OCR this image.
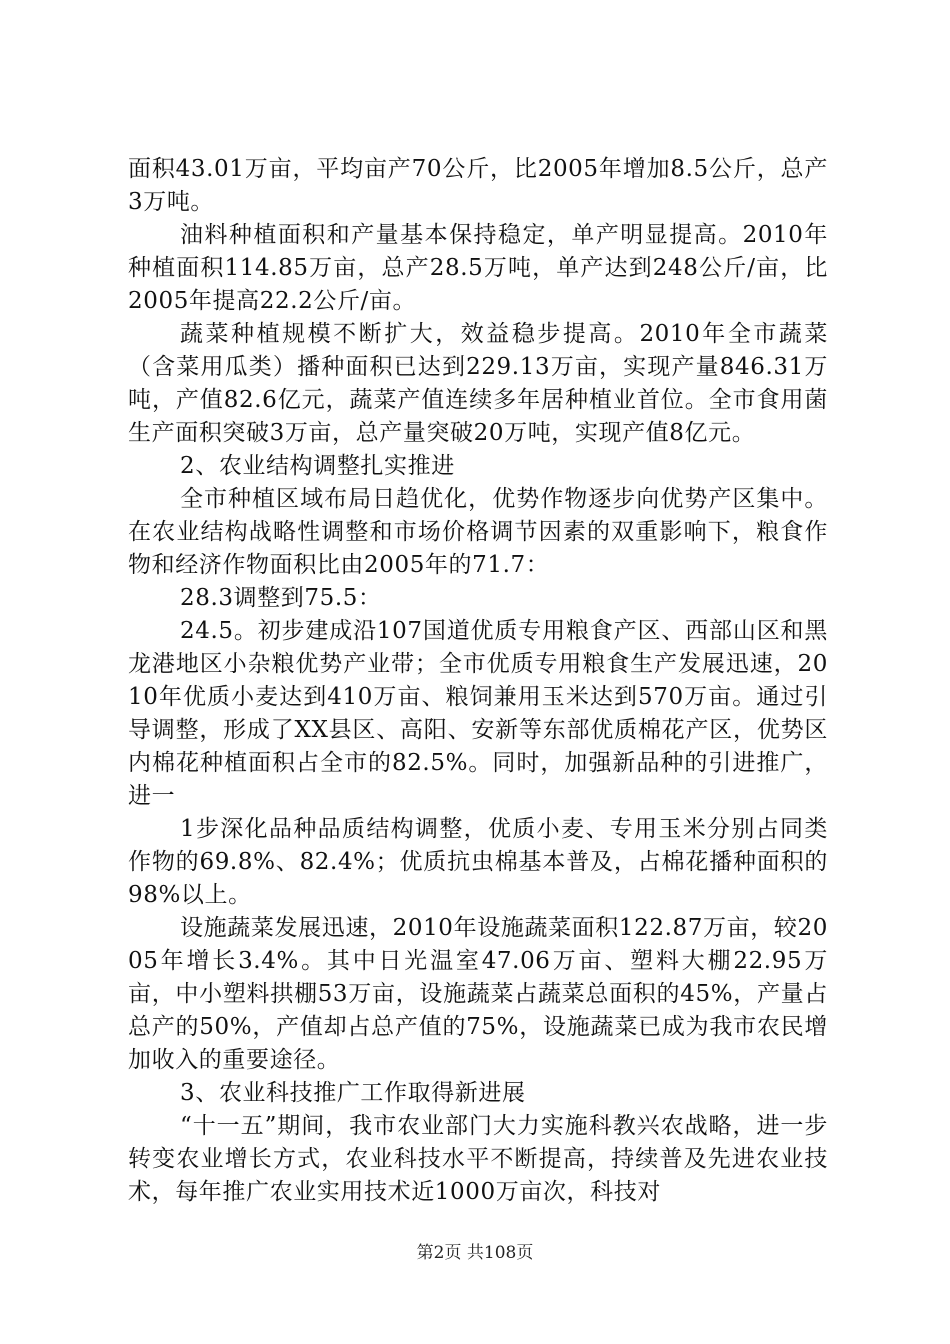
面积43.01万亩，平均亩产70公斤，比2005年增加8.5公斤，总产3万吨。

油料种植面积和产量基本保持稳定，单产明显提高。2010年种植面积114.85万亩，总产28.5万吨，单产达到248公斤/亩，比2005年提高22.2公斤/亩。

蔬菜种植规模不断扩大，效益稳步提高。2010年全市蔬菜（含菜用瓜类）播种面积已达到229.13万亩，实现产量846.31万吨，产值82.6亿元，蔬菜产值连续多年居种植业首位。全市食用菌生产面积突破3万亩，总产量突破20万吨，实现产值8亿元。

2、农业结构调整扎实推进

全市种植区域布局日趋优化，优势作物逐步向优势产区集中。在农业结构战略性调整和市场价格调节因素的双重影响下，粮食作物和经济作物面积比由2005年的71.7：

28.3调整到75.5：

24.5。初步建成沿107国道优质专用粮食产区、西部山区和黑龙港地区小杂粮优势产业带；全市优质专用粮食生产发展迅速，2010年优质小麦达到410万亩、粮饲兼用玉米达到570万亩。通过引导调整，形成了XX县区、高阳、安新等东部优质棉花产区，优势区内棉花种植面积占全市的82.5%。同时，加强新品种的引进推广，进一

1步深化品种品质结构调整，优质小麦、专用玉米分别占同类作物的69.8%、82.4%；优质抗虫棉基本普及，占棉花播种面积的98%以上。

设施蔬菜发展迅速，2010年设施蔬菜面积122.87万亩，较2005年增长3.4%。其中日光温室47.06万亩、塑料大棚22.95万亩，中小塑料拱棚53万亩，设施蔬菜占蔬菜总面积的45%，产量占总产的50%，产值却占总产值的75%，设施蔬菜已成为我市农民增加收入的重要途径。

3、农业科技推广工作取得新进展

“十一五”期间，我市农业部门大力实施科教兴农战略，进一步转变农业增长方式，农业科技水平不断提高，持续普及先进农业技术，每年推广农业实用技术近1000万亩次，科技对

第2页 共108页
